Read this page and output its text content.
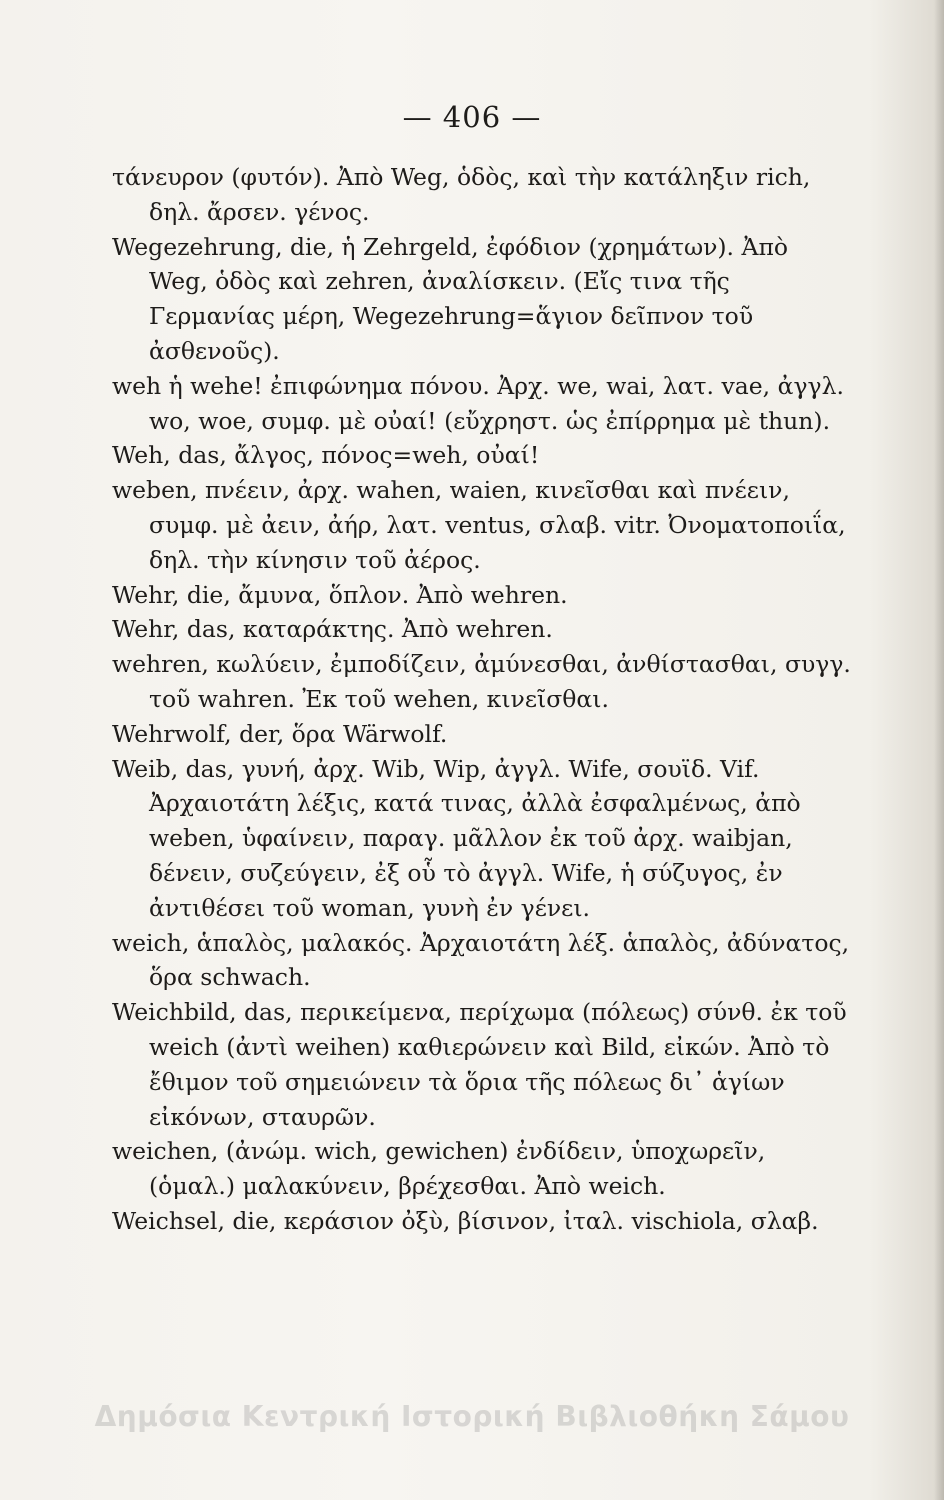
— 406 —

τάνευρον (φυτόν). Ἀπὸ Weg, ὁδὸς, καὶ τὴν κατάληξιν rich, δηλ. ἄρσεν. γένος.

Wegezehrung, die, ἡ Zehrgeld, ἐφόδιον (χρημάτων). Ἀπὸ Weg, ὁδὸς καὶ zehren, ἀναλίσκειν. (Εἴς τινα τῆς Γερμανίας μέρη, Wegezehrung=ἅγιον δεῖπνον τοῦ ἀσθενοῦς).

weh ἡ wehe! ἐπιφώνημα πόνου. Ἀρχ. we, wai, λατ. vae, ἀγγλ. wo, woe, συμφ. μὲ οὐαί! (εὔχρηστ. ὡς ἐπίρρημα μὲ thun).

Weh, das, ἄλγος, πόνος=weh, οὐαί!

weben, πνέειν, ἀρχ. wahen, waien, κινεῖσθαι καὶ πνέειν, συμφ. μὲ ἀειν, ἀήρ, λατ. ventus, σλαβ. vitr. Ὀνοματοποιΐα, δηλ. τὴν κίνησιν τοῦ ἀέρος.

Wehr, die, ἄμυνα, ὅπλον. Ἀπὸ wehren.

Wehr, das, καταράκτης. Ἀπὸ wehren.

wehren, κωλύειν, ἐμποδίζειν, ἀμύνεσθαι, ἀνθίστασθαι, συγγ. τοῦ wahren. Ἐκ τοῦ wehen, κινεῖσθαι.

Wehrwolf, der, ὅρα Wärwolf.

Weib, das, γυνή, ἀρχ. Wib, Wip, ἀγγλ. Wife, σουϊδ. Vif. Ἀρχαιοτάτη λέξις, κατά τινας, ἀλλὰ ἐσφαλμένως, ἀπὸ weben, ὑφαίνειν, παραγ. μᾶλλον ἐκ τοῦ ἀρχ. waibjan, δένειν, συζεύγειν, ἐξ οὗ τὸ ἀγγλ. Wife, ἡ σύζυγος, ἐν ἀντιθέσει τοῦ woman, γυνὴ ἐν γένει.

weich, ἁπαλὸς, μαλακός. Ἀρχαιοτάτη λέξ. ἁπαλὸς, ἀδύνατος, ὅρα schwach.

Weichbild, das, περικείμενα, περίχωμα (πόλεως) σύνθ. ἐκ τοῦ weich (ἀντὶ weihen) καθιερώνειν καὶ Bild, εἰκών. Ἀπὸ τὸ ἔθιμον τοῦ σημειώνειν τὰ ὅρια τῆς πόλεως δι᾽ ἁγίων εἰκόνων, σταυρῶν.

weichen, (ἀνώμ. wich, gewichen) ἐνδίδειν, ὑποχωρεῖν, (ὁμαλ.) μαλακύνειν, βρέχεσθαι. Ἀπὸ weich.

Weichsel, die, κεράσιον ὀξὺ, βίσινον, ἰταλ. vischiola, σλαβ.

Δημόσια Κεντρική Ιστορική Βιβλιοθήκη Σάμου
